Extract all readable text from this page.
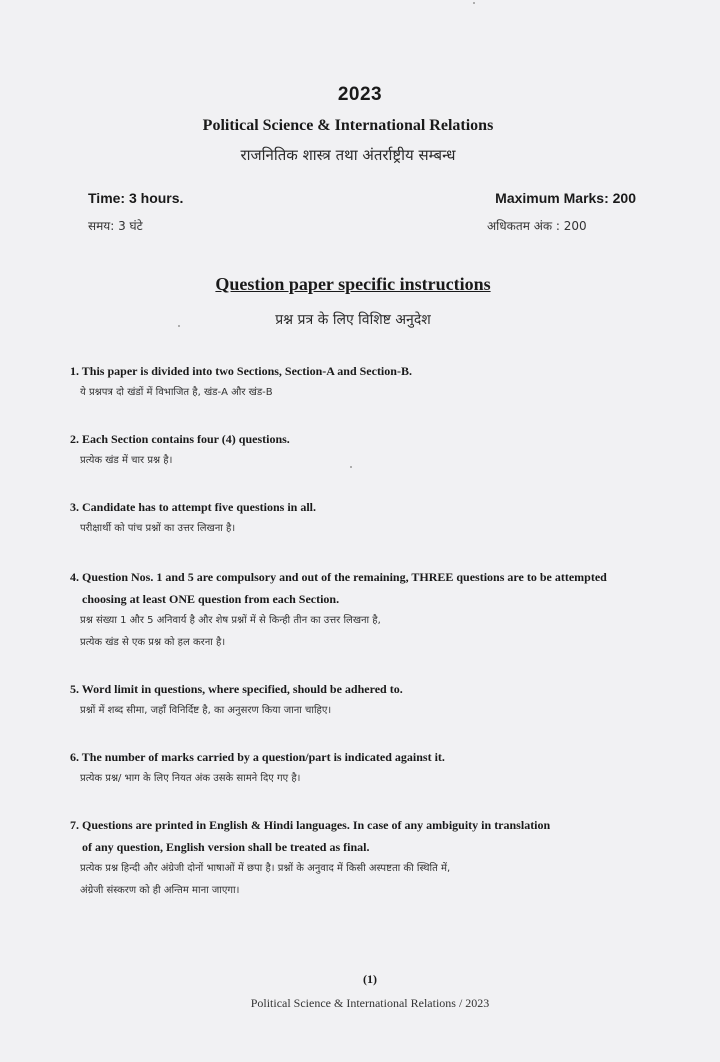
2023
Political Science & International Relations
राजनितिक शास्त्र तथा अंतर्राष्ट्रीय सम्बन्ध
Time: 3 hours.
समय: 3 घंटे
Maximum Marks: 200
अधिकतम अंक : 200
Question paper specific instructions
प्रश्न प्रत्र के लिए विशिष्ट अनुदेश
1. This paper is divided into two Sections, Section-A and Section-B.
ये प्रश्नपत्र दो खंडों में विभाजित है, खंड-A और खंड-B
2. Each Section contains four (4) questions.
प्रत्येक खंड में चार प्रश्न है।
3. Candidate has to attempt five questions in all.
परीक्षार्थी को पांच प्रश्नों का उत्तर लिखना है।
4. Question Nos. 1 and 5 are compulsory and out of the remaining, THREE questions are to be attempted
choosing at least ONE question from each Section.
प्रश्न संख्या 1 और 5 अनिवार्य है और शेष प्रश्नों में से किन्ही तीन का उत्तर लिखना है,
प्रत्येक खंड से एक प्रश्न को हल करना है।
5. Word limit in questions, where specified, should be adhered to.
प्रश्नों में शब्द सीमा, जहाँ विनिर्दिष्ट है, का अनुसरण किया जाना चाहिए।
6. The number of marks carried by a question/part is indicated against it.
प्रत्येक प्रश्न/ भाग के लिए नियत अंक उसके सामने दिए गए है।
7. Questions are printed in English & Hindi languages. In case of any ambiguity in translation
of any question, English version shall be treated as final.
प्रत्येक प्रश्न हिन्दी और अंग्रेजी दोनों भाषाओं में छपा है। प्रश्नों के अनुवाद में किसी अस्पष्टता की स्थिति में,
अंग्रेजी संस्करण को ही अन्तिम माना जाएगा।
(1)
Political Science & International Relations / 2023
